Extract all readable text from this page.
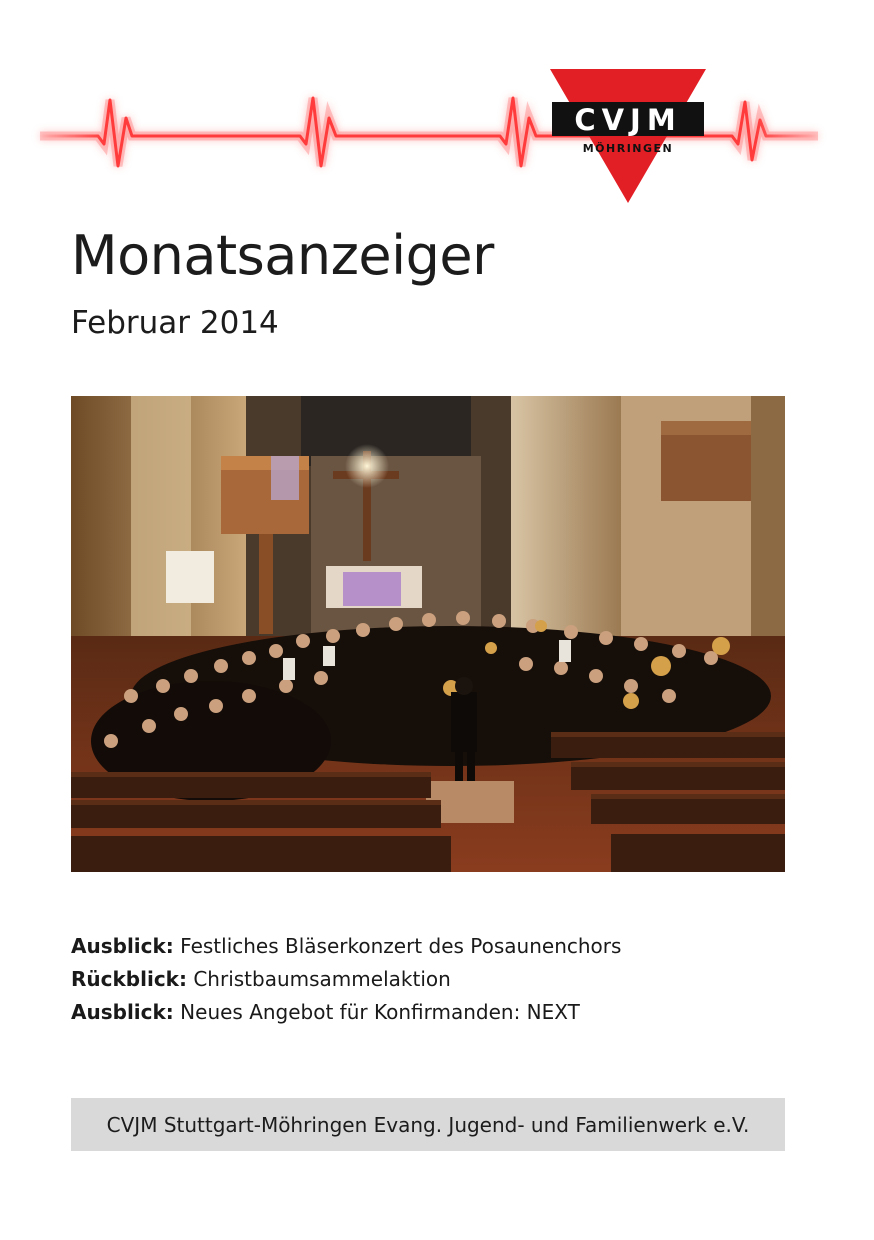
CVJM
MÖHRINGEN
Monatsanzeiger
Februar 2014
Ausblick: Festliches Bläserkonzert des Posaunenchors
Rückblick: Christbaumsammelaktion
Ausblick: Neues Angebot für Konfirmanden: NEXT
CVJM Stuttgart-Möhringen Evang. Jugend- und Familienwerk e.V.
